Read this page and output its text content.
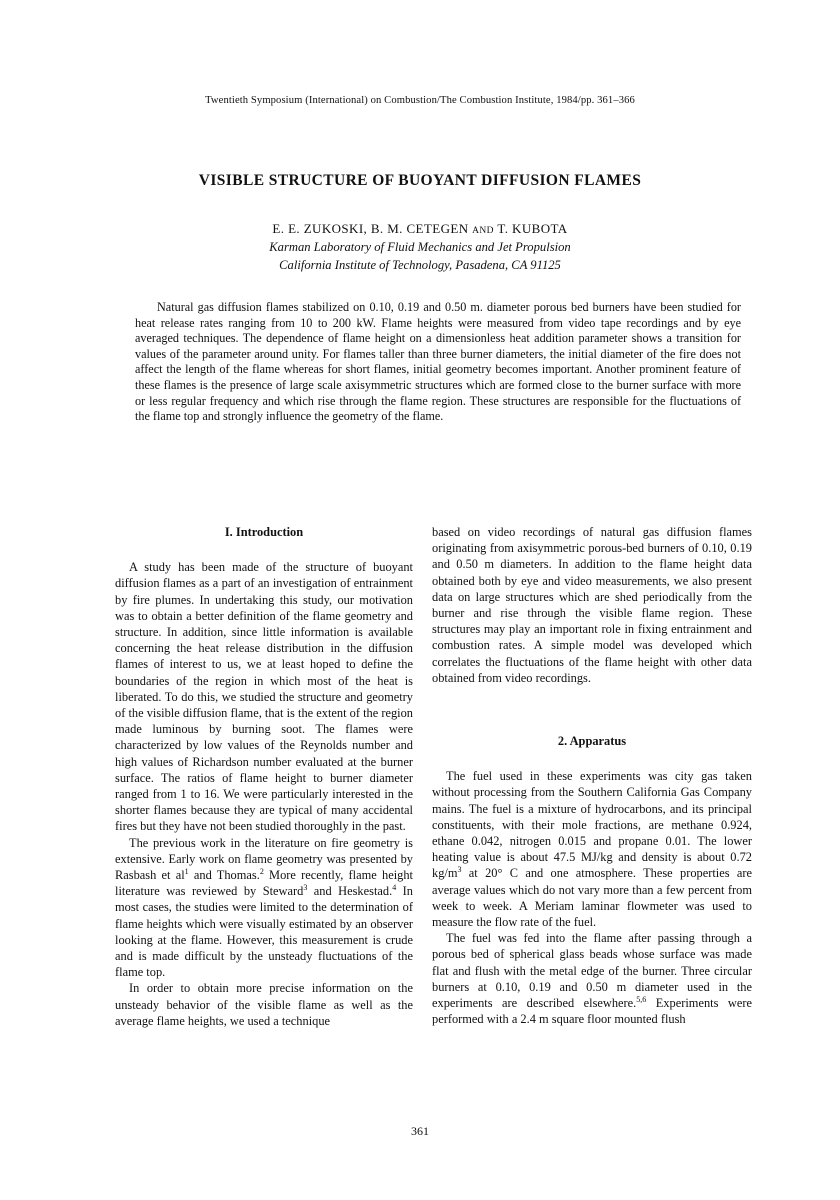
Twentieth Symposium (International) on Combustion/The Combustion Institute, 1984/pp. 361–366
VISIBLE STRUCTURE OF BUOYANT DIFFUSION FLAMES
E. E. ZUKOSKI, B. M. CETEGEN AND T. KUBOTA
Karman Laboratory of Fluid Mechanics and Jet Propulsion
California Institute of Technology, Pasadena, CA 91125
Natural gas diffusion flames stabilized on 0.10, 0.19 and 0.50 m. diameter porous bed burners have been studied for heat release rates ranging from 10 to 200 kW. Flame heights were measured from video tape recordings and by eye averaged techniques. The dependence of flame height on a dimensionless heat addition parameter shows a transition for values of the parameter around unity. For flames taller than three burner diameters, the initial diameter of the fire does not affect the length of the flame whereas for short flames, initial geometry becomes important. Another prominent feature of these flames is the presence of large scale axisymmetric structures which are formed close to the burner surface with more or less regular frequency and which rise through the flame region. These structures are responsible for the fluctuations of the flame top and strongly influence the geometry of the flame.
I. Introduction

A study has been made of the structure of buoyant diffusion flames as a part of an investigation of entrainment by fire plumes. In undertaking this study, our motivation was to obtain a better definition of the flame geometry and structure. In addition, since little information is available concerning the heat release distribution in the diffusion flames of interest to us, we at least hoped to define the boundaries of the region in which most of the heat is liberated. To do this, we studied the structure and geometry of the visible diffusion flame, that is the extent of the region made luminous by burning soot. The flames were characterized by low values of the Reynolds number and high values of Richardson number evaluated at the burner surface. The ratios of flame height to burner diameter ranged from 1 to 16. We were particularly interested in the shorter flames because they are typical of many accidental fires but they have not been studied thoroughly in the past.

The previous work in the literature on fire geometry is extensive. Early work on flame geometry was presented by Rasbash et $al^1$ and Thomas.$^2$ More recently, flame height literature was reviewed by Steward$^3$ and Heskestad.$^4$ In most cases, the studies were limited to the determination of flame heights which were visually estimated by an observer looking at the flame. However, this measurement is crude and is made difficult by the unsteady fluctuations of the flame top.

In order to obtain more precise information on the unsteady behavior of the visible flame as well as the average flame heights, we used a technique

based on video recordings of natural gas diffusion flames originating from axisymmetric porous-bed burners of 0.10, 0.19 and 0.50 m diameters. In addition to the flame height data obtained both by eye and video measurements, we also present data on large structures which are shed periodically from the burner and rise through the visible flame region. These structures may play an important role in fixing entrainment and combustion rates. A simple model was developed which correlates the fluctuations of the flame height with other data obtained from video recordings.

2. Apparatus

The fuel used in these experiments was city gas taken without processing from the Southern California Gas Company mains. The fuel is a mixture of hydrocarbons, and its principal constituents, with their mole fractions, are methane 0.924, ethane 0.042, nitrogen 0.015 and propane 0.01. The lower heating value is about 47.5 MJ/kg and density is about 0.72 $kg/m^3$ at 20° C and one atmosphere. These properties are average values which do not vary more than a few percent from week to week. A Meriam laminar flowmeter was used to measure the flow rate of the fuel.

The fuel was fed into the flame after passing through a porous bed of spherical glass beads whose surface was made flat and flush with the metal edge of the burner. Three circular burners at 0.10, 0.19 and 0.50 m diameter used in the experiments are described elsewhere.$^{5,6}$ Experiments were performed with a 2.4 m square floor mounted flush

361
